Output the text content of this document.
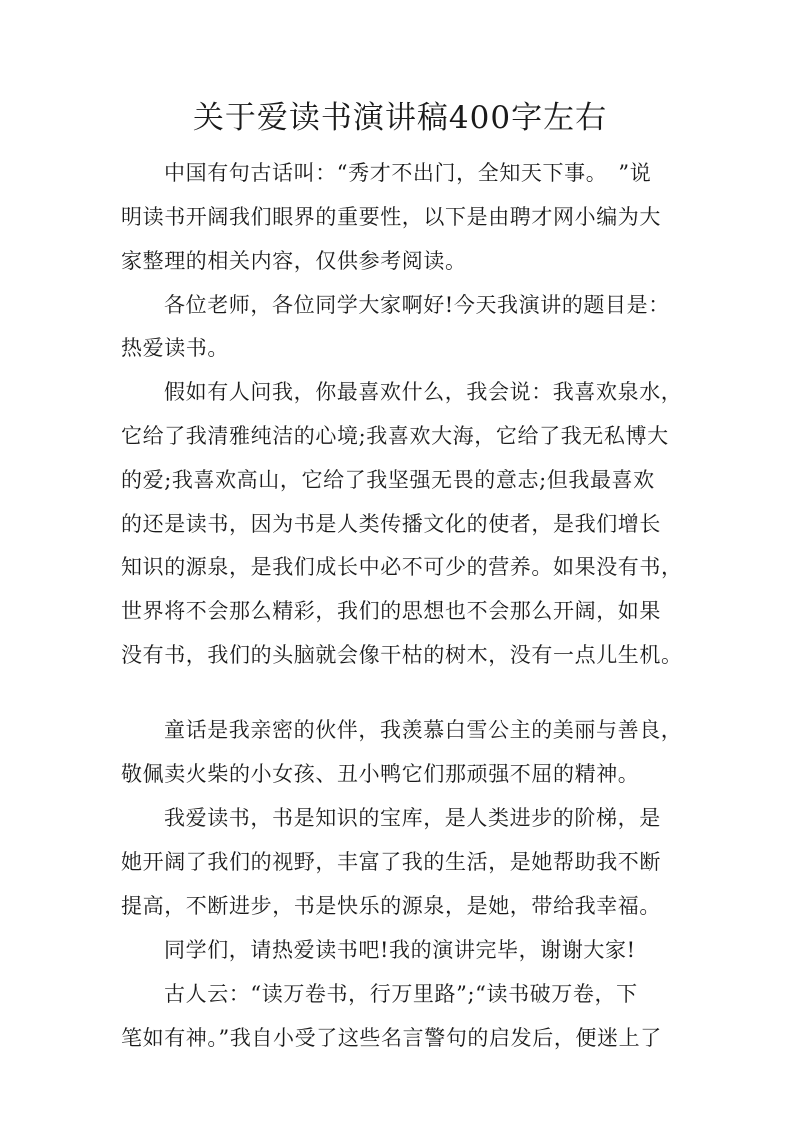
关于爱读书演讲稿400字左右

中国有句古话叫：“秀才不出门，全知天下事。　”说

明读书开阔我们眼界的重要性，以下是由聘才网小编为大

家整理的相关内容，仅供参考阅读。

各位老师，各位同学大家啊好!今天我演讲的题目是：

热爱读书。

假如有人问我，你最喜欢什么，我会说：我喜欢泉水，

它给了我清雅纯洁的心境;我喜欢大海，它给了我无私博大

的爱;我喜欢高山，它给了我坚强无畏的意志;但我最喜欢

的还是读书，因为书是人类传播文化的使者，是我们增长

知识的源泉，是我们成长中必不可少的营养。如果没有书，

世界将不会那么精彩，我们的思想也不会那么开阔，如果

没有书，我们的头脑就会像干枯的树木，没有一点儿生机。

童话是我亲密的伙伴，我羡慕白雪公主的美丽与善良，

敬佩卖火柴的小女孩、丑小鸭它们那顽强不屈的精神。

我爱读书，书是知识的宝库，是人类进步的阶梯，是

她开阔了我们的视野，丰富了我的生活，是她帮助我不断

提高，不断进步，书是快乐的源泉，是她，带给我幸福。

同学们，请热爱读书吧!我的演讲完毕，谢谢大家!

古人云：“读万卷书，行万里路”;“读书破万卷，下

笔如有神。”我自小受了这些名言警句的启发后，便迷上了
